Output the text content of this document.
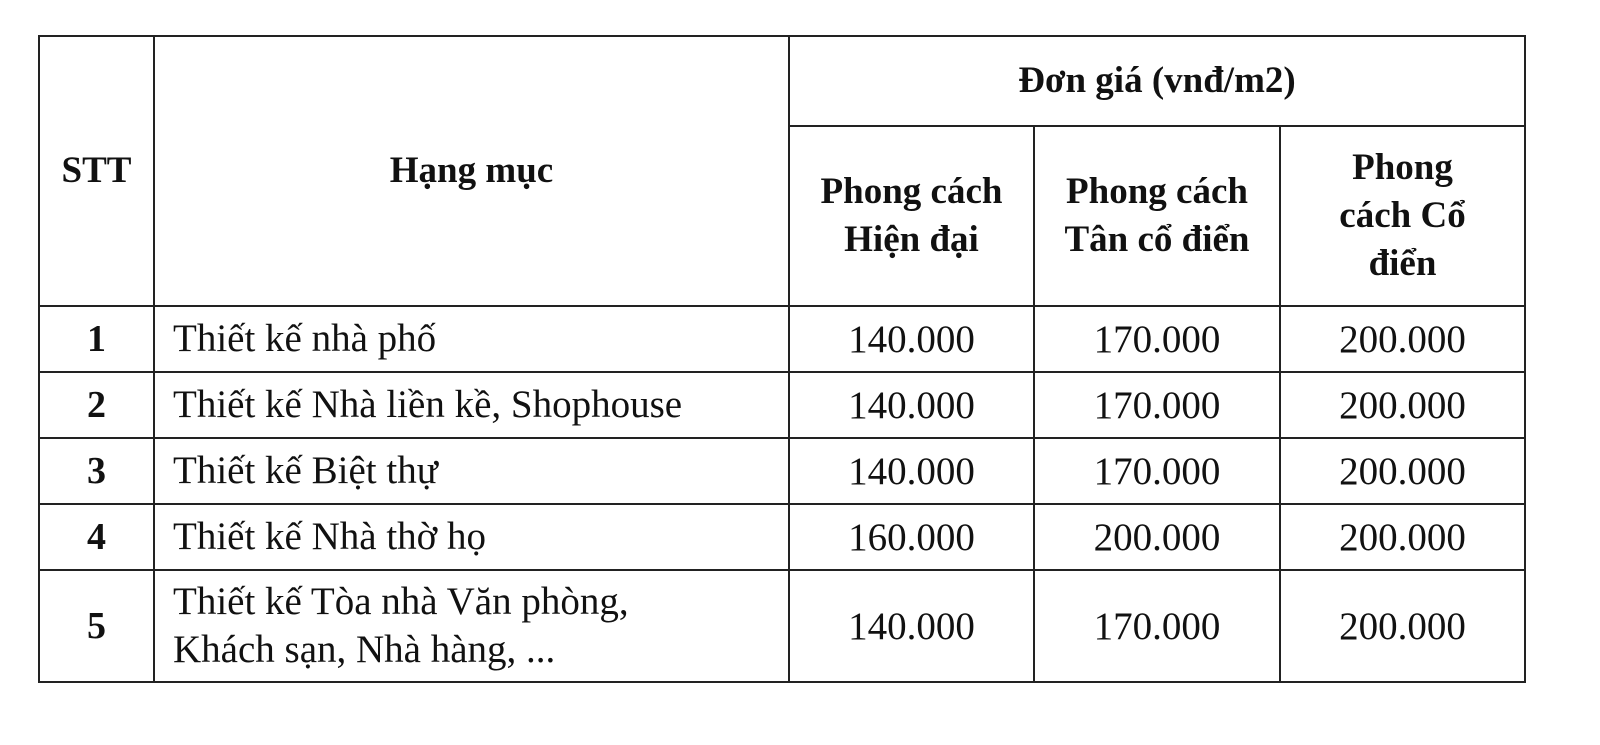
STT	Hạng mục	Đơn giá (vnđ/m2)		
		Phong cách Hiện đại	Phong cách Tân cổ điển	Phong cách Cổ điển
1	Thiết kế nhà phố	140.000	170.000	200.000
2	Thiết kế Nhà liền kề, Shophouse	140.000	170.000	200.000
3	Thiết kế Biệt thự	140.000	170.000	200.000
4	Thiết kế Nhà thờ họ	160.000	200.000	200.000
5	Thiết kế Tòa nhà Văn phòng, Khách sạn, Nhà hàng, ...	140.000	170.000	200.000
